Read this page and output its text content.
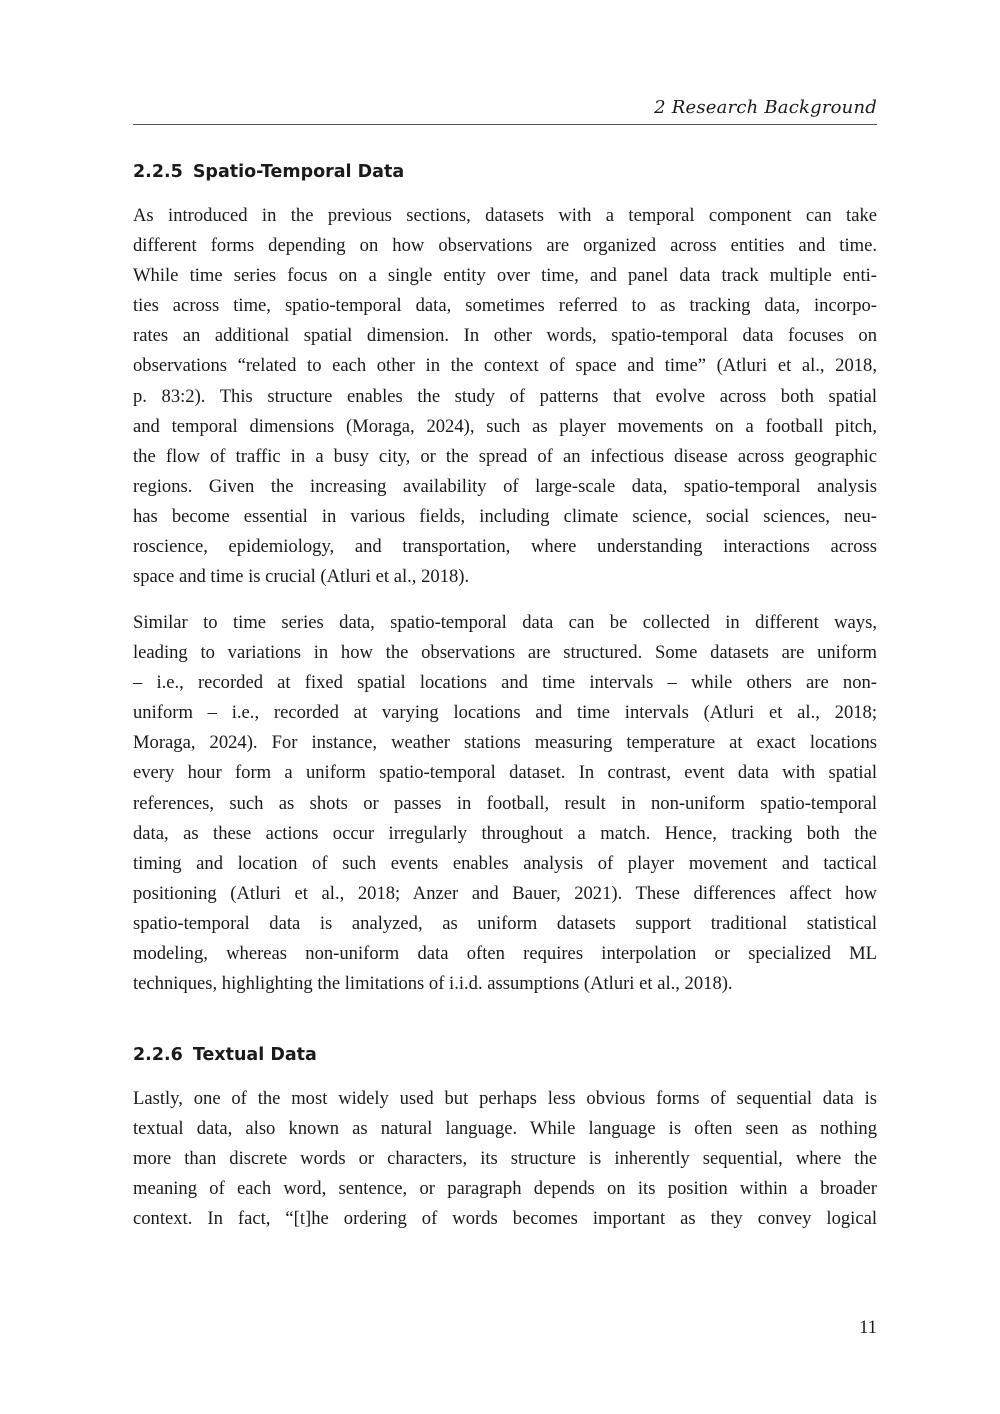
2 Research Background
2.2.5 Spatio-Temporal Data

As introduced in the previous sections, datasets with a temporal component can take
different forms depending on how observations are organized across entities and time.
While time series focus on a single entity over time, and panel data track multiple enti-
ties across time, spatio-temporal data, sometimes referred to as tracking data, incorpo-
rates an additional spatial dimension. In other words, spatio-temporal data focuses on
observations “related to each other in the context of space and time” (Atluri et al., 2018,
p. 83:2). This structure enables the study of patterns that evolve across both spatial
and temporal dimensions (Moraga, 2024), such as player movements on a football pitch,
the flow of traffic in a busy city, or the spread of an infectious disease across geographic
regions. Given the increasing availability of large-scale data, spatio-temporal analysis
has become essential in various fields, including climate science, social sciences, neu-
roscience, epidemiology, and transportation, where understanding interactions across
space and time is crucial (Atluri et al., 2018).

Similar to time series data, spatio-temporal data can be collected in different ways,
leading to variations in how the observations are structured. Some datasets are uniform
– i.e., recorded at fixed spatial locations and time intervals – while others are non-
uniform – i.e., recorded at varying locations and time intervals (Atluri et al., 2018;
Moraga, 2024). For instance, weather stations measuring temperature at exact locations
every hour form a uniform spatio-temporal dataset. In contrast, event data with spatial
references, such as shots or passes in football, result in non-uniform spatio-temporal
data, as these actions occur irregularly throughout a match. Hence, tracking both the
timing and location of such events enables analysis of player movement and tactical
positioning (Atluri et al., 2018; Anzer and Bauer, 2021). These differences affect how
spatio-temporal data is analyzed, as uniform datasets support traditional statistical
modeling, whereas non-uniform data often requires interpolation or specialized ML
techniques, highlighting the limitations of i.i.d. assumptions (Atluri et al., 2018).

2.2.6 Textual Data

Lastly, one of the most widely used but perhaps less obvious forms of sequential data is
textual data, also known as natural language. While language is often seen as nothing
more than discrete words or characters, its structure is inherently sequential, where the
meaning of each word, sentence, or paragraph depends on its position within a broader
context. In fact, “[t]he ordering of words becomes important as they convey logical

11
